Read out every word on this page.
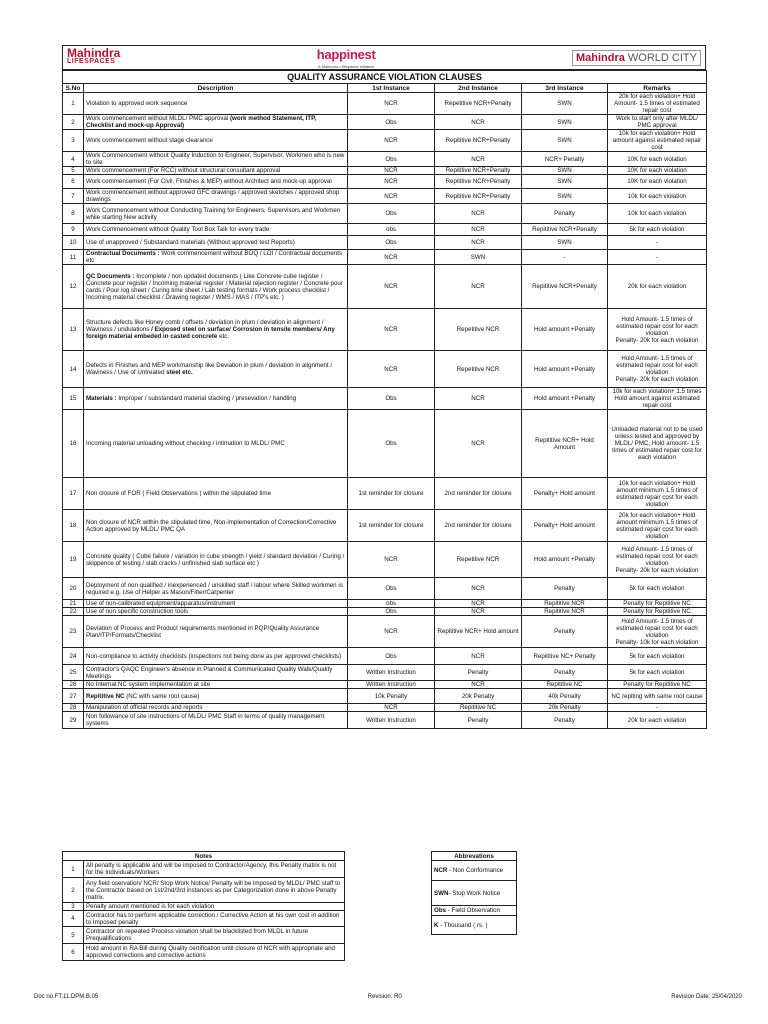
Mahindra
LIFESPACES	happinest
A Mahindra Lifespaces Initiative
Mahindra WORLD CITY
QUALITY ASSURANCE VIOLATION CLAUSES
S.No	Description	1st Instance	2nd Instance	3rd Instance	Remarks
1	Violation to approved work sequence	NCR	Repetitive NCR+Penalty	SWN	20k for each violation+ Hold Amount- 1.5 times of estimated repair cost
2	Work commencement without MLDL/ PMC approval (work method Statement, ITP, Checklist and mock-up Approval)	Obs	NCR	SWN	Work to start only after MLDL/ PMC approval
3	Work commencement without stage clearance	NCR	Repititive NCR+Penalty	SWN	10k for each violation+ Hold amount against estimated repair cost
4	Work Commencement without Quality Induction to Engineer, Supervisor, Workmen who is new to site	Obs	NCR	NCR+ Penalty	10K for each violation
5	Work commencement (For RCC) without structural consultant approval	NCR	Repititive NCR+Penalty	SWN	10K for each violation
6	Work commencement (For Civil, Finishes & MEP) without Architect and mock-up approval	NCR	Repititive NCR+Penalty	SWN	10K for each violation
7	Work commencement without approved GFC drawings / approved sketches / approved shop drawings	NCR	Repititive NCR+Penalty	SWN	10k for each violation
8	Work Commencement without Conducting Training for Engineers, Supervisors and Workmen while starting New activity	Obs	NCR	Penalty	10k for each violation
9	Work Commencement without Quality Tool Box Talk for every trade	obs	NCR	Repititive NCR+Penalty	5k for each violation
10	Use of unapproved / Substandard materials (Without approved test Reports)	Obs	NCR	SWN	-
11	Contractual Documents : Work commencement without BOQ / LOI / Contractual documents etc	NCR	SWN	-	-
12	QC Documents : Incomplete / non updated documents ( Like Concrete cube register / Concrete pour register / Incoming material register / Material rejection register / Concrete pour cards / Pour log sheet / Curing time sheet / Lab testing formats / Work process checklist / Incoming material checklist / Drawing register / WMS / MAS / ITP's etc. )	NCR	NCR	Repititive NCR+Penalty	20k for each violation
13	Structure defects like Honey comb / offsets / deviation in plum / deviation in alignment / Waviness / undulations / Exposed steel on surface/ Corrosion in tensile members/ Any foreign material embeded in casted concrete etc.	NCR	Repetitive NCR	Hold amount +Penalty	Hold Amount- 1.5 times of estimated repair cost for each violation
Penalty- 20k for each violation
14	Defects in Finishes and MEP workmanship like Deviation in plum / deviation in alignment / Waviness / Use of Untreated steel etc.	NCR	Repetitive NCR	Hold amount +Penalty	Hold Amount- 1.5 times of estimated repair cost for each violation
Penalty- 20k for each violation
15	Materials : Improper / substandard material stacking / presevation / handling	Obs	NCR	Hold amount +Penalty	10k for each violation+ 1.5 times Hold amount against estimated repair cost
16	Incoming material unloading without checking / intimation to MLDL/ PMC	Obs	NCR	Repititive NCR+ Hold Amount	Unloaded material not to be used unless tested and approved by MLDL/ PMC, Hold amount- 1.5 times of estimated repair cost for each violation
17	Non closure of FOR ( Field Observations ) within the stipulated time	1st reminder for closure	2nd reminder for closure	Penalty+ Hold amount	10k for each violation+ Hold amount minimum 1.5 times of estimated repair cost for each violation
18	Non closure of NCR within the stipulated time, Non-implementation of Correction/Corrective Action approved by MLDL/ PMC QA	1st reminder for closure	2nd reminder for closure	Penalty+ Hold amount	20k for each violation+ Hold amount minimum 1.5 times of estimated repair cost for each violation
19	Concrete quality ( Cube failure / variation in cube strength / yield / standard deviation / Curing / skippence of testing / slab cracks / unfinished slab surface etc )	NCR	Repetitive NCR	Hold amount +Penalty	Hold Amount- 1.5 times of estimated repair cost for each violation
Penalty- 20k for each violation
20	Deployment of non qualified / inexperienced / unskilled staff / labour where Skilled workmen is required e.g. Use of Helper as Mason/Fitter/Carpenter	Obs	NCR	Penalty	5k for each violation
21	Use of non-calibrated equipment/apparatus/instrument	obs	NCR	Repititive NCR	Penalty for Repititive NC
22	Use of non specific construction tools	Obs	NCR	Repititive NCR	Penalty for Repititive NC
23	Deviation of Process and Product requirements mentioned in PQP/Quality Assurance Plan/ITP/Formats/Checklist	NCR	Repititive NCR+ Hold amount	Penalty	Hold Amount- 1.5 times of estimated repair cost for each violation
Penalty- 10k for each violation
24	Non-compliance to activity checklists (inspections not being done as per approved checklists)	Obs	NCR	Repititive NC+ Penalty	5k for each violation
25	Contractor's QAQC Engineer's absence in Planned & Communicated Quality Walk/Quality Meetings	Written Instruction	Penalty	Penalty	5k for each violation
26	No Internal NC system implementation at site	Written Instruction	NCR	Repititive NC	Penalty for Repititive NC
27	Repititive NC (NC with same root cause)	10k Penalty	20k Penalty	40k Penalty	NC repiting with same root cause
28	Manipulation of official records and reports	NCR	Repititive NC	20k Penalty	-
29	Non followance of site instructions of MLDL/ PMC Staff in terms of quality management systems	Written Instruction	Penalty	Penalty	20k for each violation
Notes	
1	All penalty is applicable and will be imposed to Contractor/Agency, this Penalty matrix is not for the Individuals/Workers
2	Any field oservation/ NCR/ Stop Work Notice/ Penalty will be imposed by MLDL/ PMC staff to the Contractor based on 1st/2nd/3rd instances as per Categorization done in above Penalty matrix.
3	Penalty amount mentioned is for each violation
4	Contractor has to perform applicable correction / Corrective Action at his own cost in addition to Imposed penalty
5	Contractor on repeated Process violation shall be blacklisted from MLDL in future Prequalifications
6	Hold amount in RA Bill during Quality certification until closure of NCR with appropriate and approved corrections and corrective actions
Abbrevations
NCR - Non Conformance
SWN- Stop Work Notice
Obs - Field Observation
K - Thousand ( rs. )
Doc no.FT.11.DPM.B.05	Revision: R0	Revision Date: 25/04/2020
